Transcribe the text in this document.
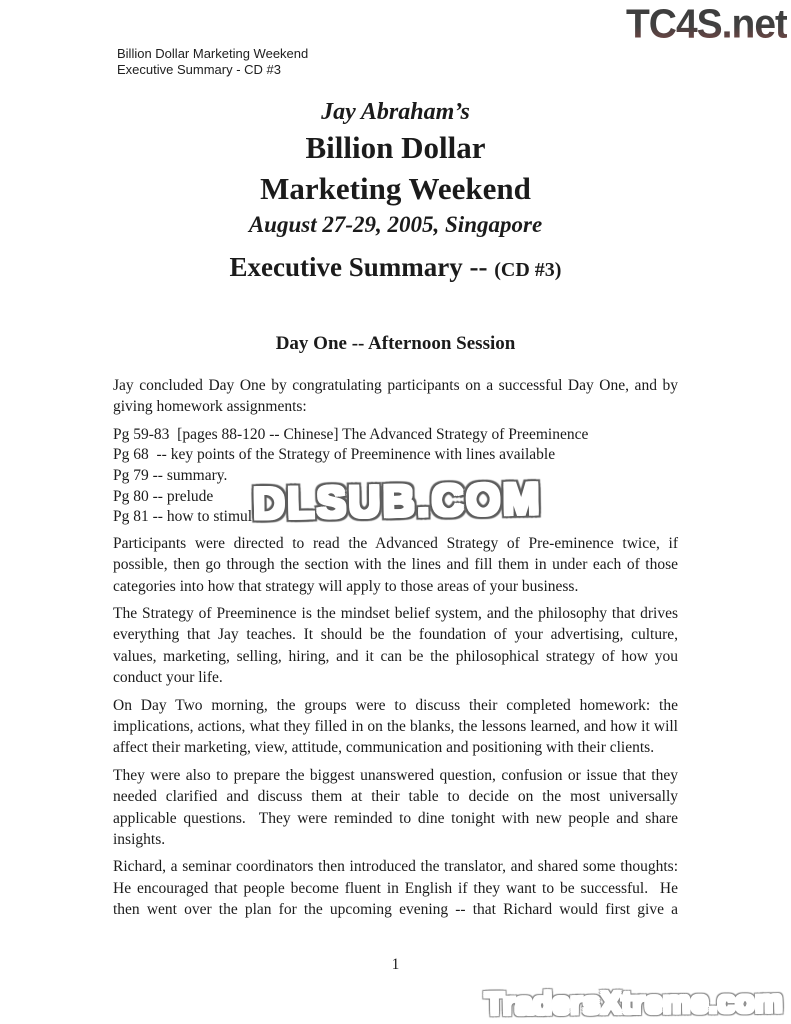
Billion Dollar Marketing Weekend
Executive Summary - CD #3
TC4S.net
Jay Abraham’s
Billion Dollar
Marketing Weekend
August 27-29, 2005, Singapore
Executive Summary -- (CD #3)
Day One -- Afternoon Session

Jay concluded Day One by congratulating participants on a successful Day One, and by giving homework assignments:

Pg 59-83  [pages 88-120 -- Chinese] The Advanced Strategy of Preeminence
Pg 68  -- key points of the Strategy of Preeminence with lines available
Pg 79 -- summary.
Pg 80 -- prelude
Pg 81 -- how to stimul

Participants were directed to read the Advanced Strategy of Pre-eminence twice, if possible, then go through the section with the lines and fill them in under each of those categories into how that strategy will apply to those areas of your business.

The Strategy of Preeminence is the mindset belief system, and the philosophy that drives everything that Jay teaches. It should be the foundation of your advertising, culture, values, marketing, selling, hiring, and it can be the philosophical strategy of how you conduct your life.

On Day Two morning, the groups were to discuss their completed homework: the implications, actions, what they filled in on the blanks, the lessons learned, and how it will affect their marketing, view, attitude, communication and positioning with their clients.

They were also to prepare the biggest unanswered question, confusion or issue that they needed clarified and discuss them at their table to decide on the most universally applicable questions.  They were reminded to dine tonight with new people and share insights.

Richard, a seminar coordinators then introduced the translator, and shared some thoughts: He encouraged that people become fluent in English if they want to be successful.  He then went over the plan for the upcoming evening -- that Richard would first give a

DLSUB.COM
1
TradersXtreme.com
